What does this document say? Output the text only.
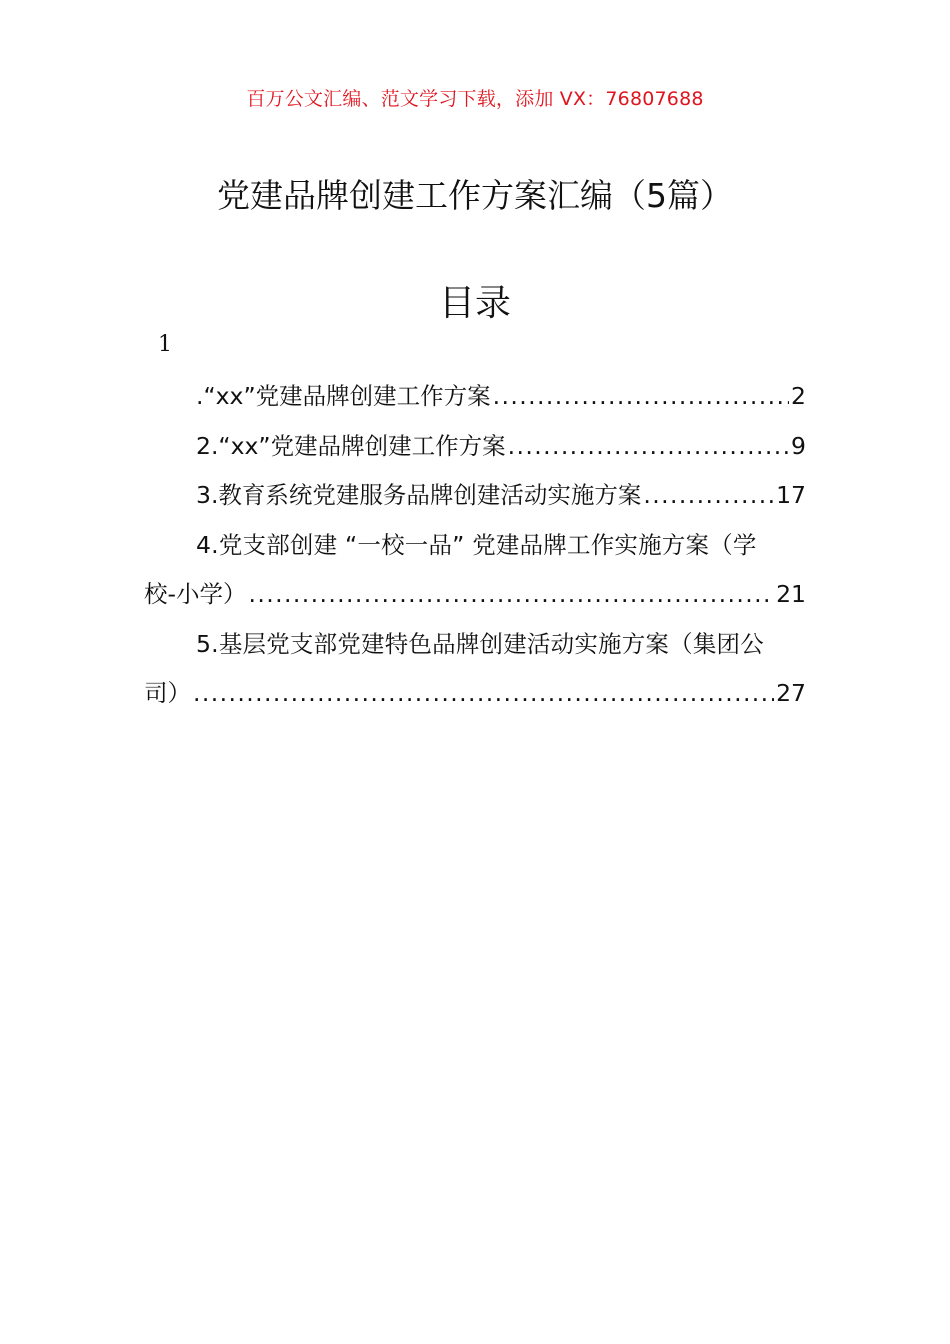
百万公文汇编、范文学习下载，添加 VX：76807688
党建品牌创建工作方案汇编（5篇）
目录
1
.“xx”党建品牌创建工作方案 .....	2
2.“xx”党建品牌创建工作方案 .....	9
3.教育系统党建服务品牌创建活动实施方案 .....	17
4.党支部创建 “一校一品” 党建品牌工作实施方案（学
校-小学） .....	21
5.基层党支部党建特色品牌创建活动实施方案（集团公
司） .....	27
